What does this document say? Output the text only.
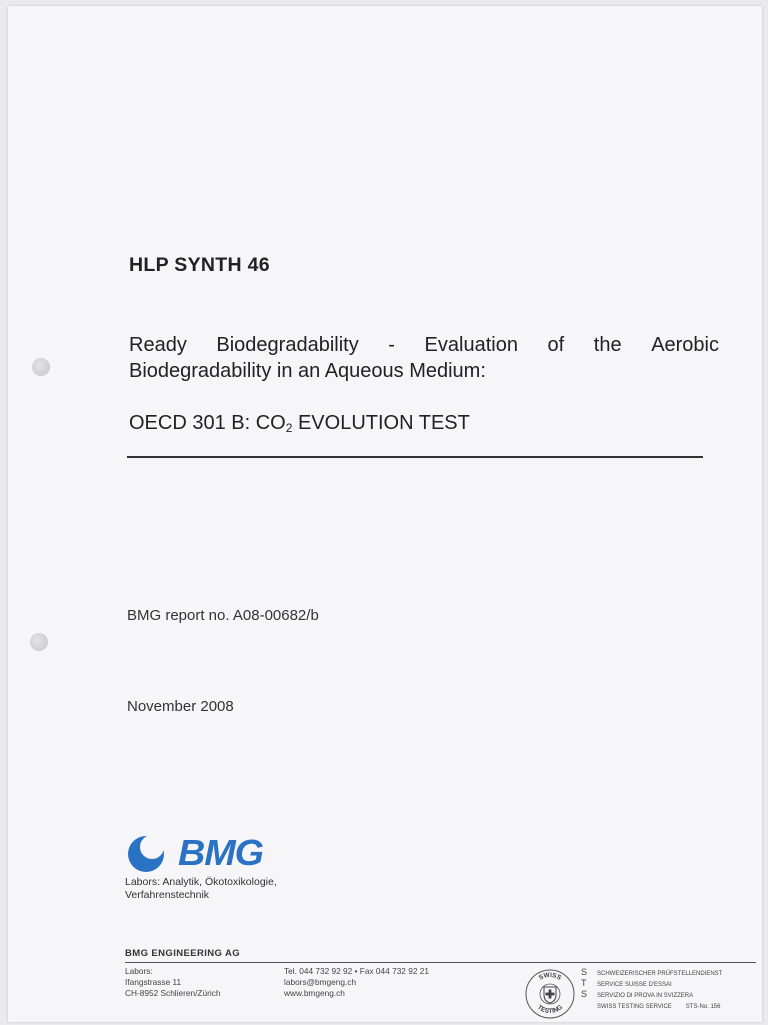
HLP SYNTH 46
Ready Biodegradability - Evaluation of the Aerobic
Biodegradability in an Aqueous Medium:
OECD 301 B: $CO_2$ EVOLUTION TEST
BMG report no. A08-00682/b
November 2008
BMG
Labors: Analytik, Ökotoxikologie,
Verfahrenstechnik
BMG ENGINEERING AG
Labors:
Ifangstrasse 11
CH-8952 Schlieren/Zürich
Tel. 044 732 92 92 • Fax 044 732 92 21
labors@bmgeng.ch
www.bmgeng.ch
SWISS
TESTING
S
T
S
SCHWEIZERISCHER PRÜFSTELLENDIENST
SERVICE SUISSE D'ESSAI
SERVIZIO DI PROVA IN SVIZZERA
SWISS TESTING SERVICE STS-No. 156
